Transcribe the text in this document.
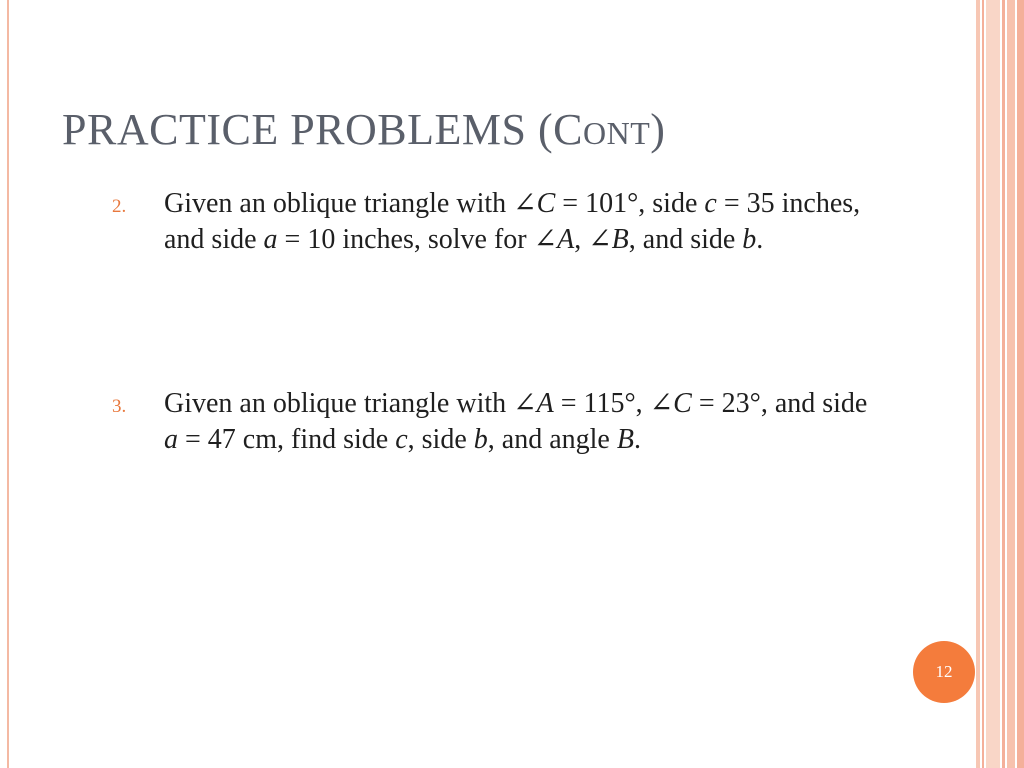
PRACTICE PROBLEMS (CONT)
2. Given an oblique triangle with ∠C = 101°, side c = 35 inches, and side a = 10 inches, solve for ∠A, ∠B, and side b.
3. Given an oblique triangle with ∠A = 115°, ∠C = 23°, and side a = 47 cm, find side c, side b, and angle B.
12
